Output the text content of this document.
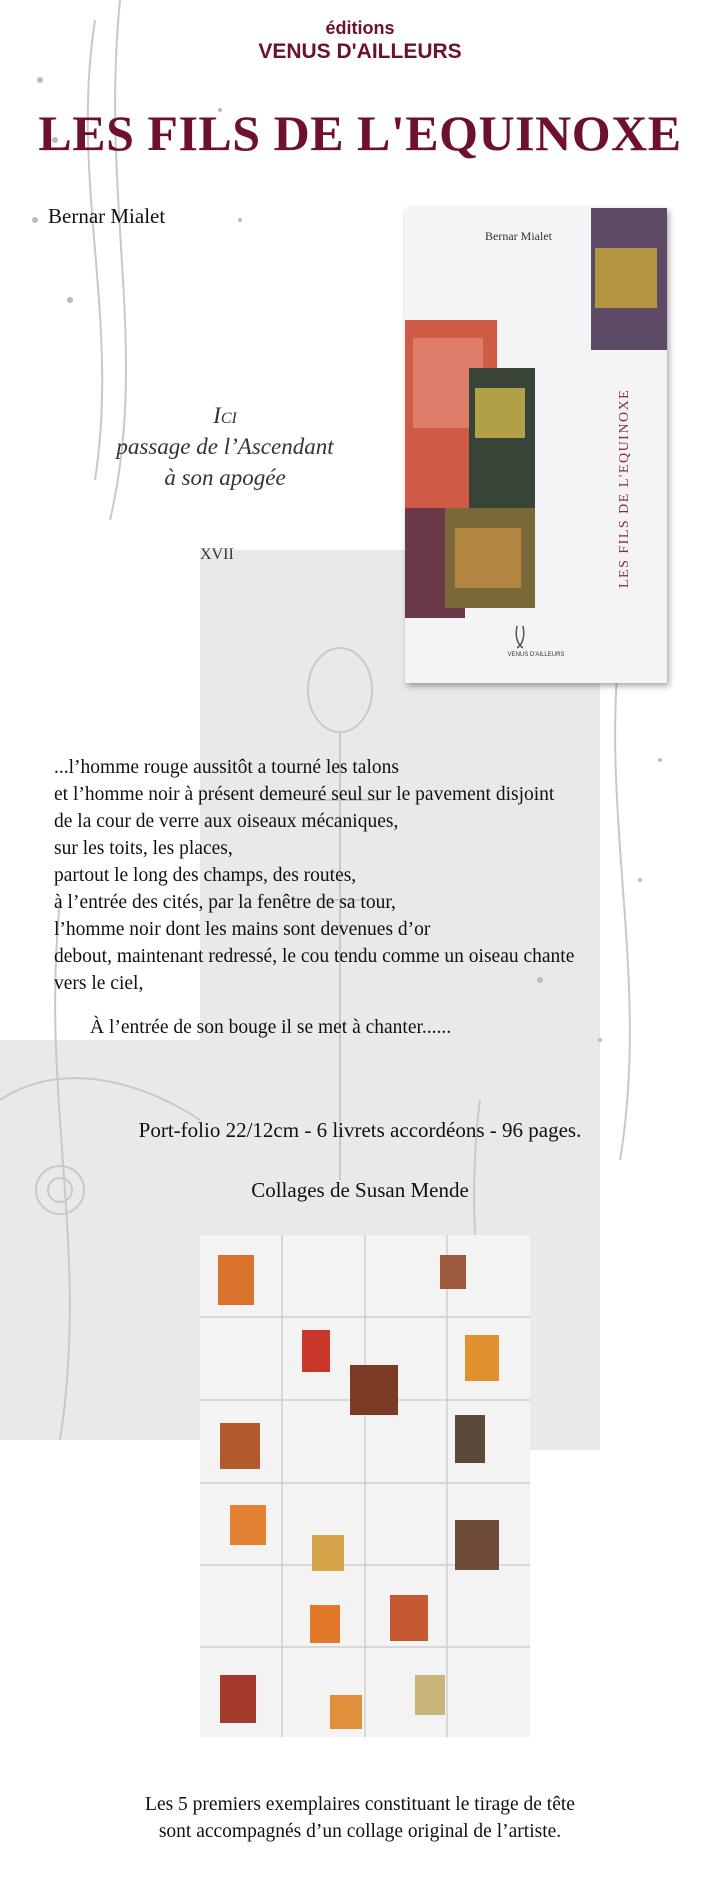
éditions
VENUS D'AILLEURS
LES FILS DE L'EQUINOXE
Bernar Mialet
Ici
passage de l’Ascendant
à son apogée
XVII
Bernar Mialet
LES FILS DE L'EQUINOXE
VENUS D'AILLEURS
...l’homme rouge aussitôt a tourné les talons
et l’homme noir à présent demeuré seul sur le pavement disjoint
de la cour de verre aux oiseaux mécaniques,
sur les toits, les places,
partout le long des champs, des routes,
à l’entrée des cités, par la fenêtre de sa tour,
l’homme noir dont les mains sont devenues d’or
debout, maintenant redressé, le cou tendu comme un oiseau chante
vers le ciel,
À l’entrée de son bouge il se met à chanter......
Port-folio 22/12cm - 6 livrets accordéons - 96 pages.
Collages de Susan Mende
Les 5 premiers exemplaires constituant le tirage de tête
sont accompagnés d’un collage original de l’artiste.
